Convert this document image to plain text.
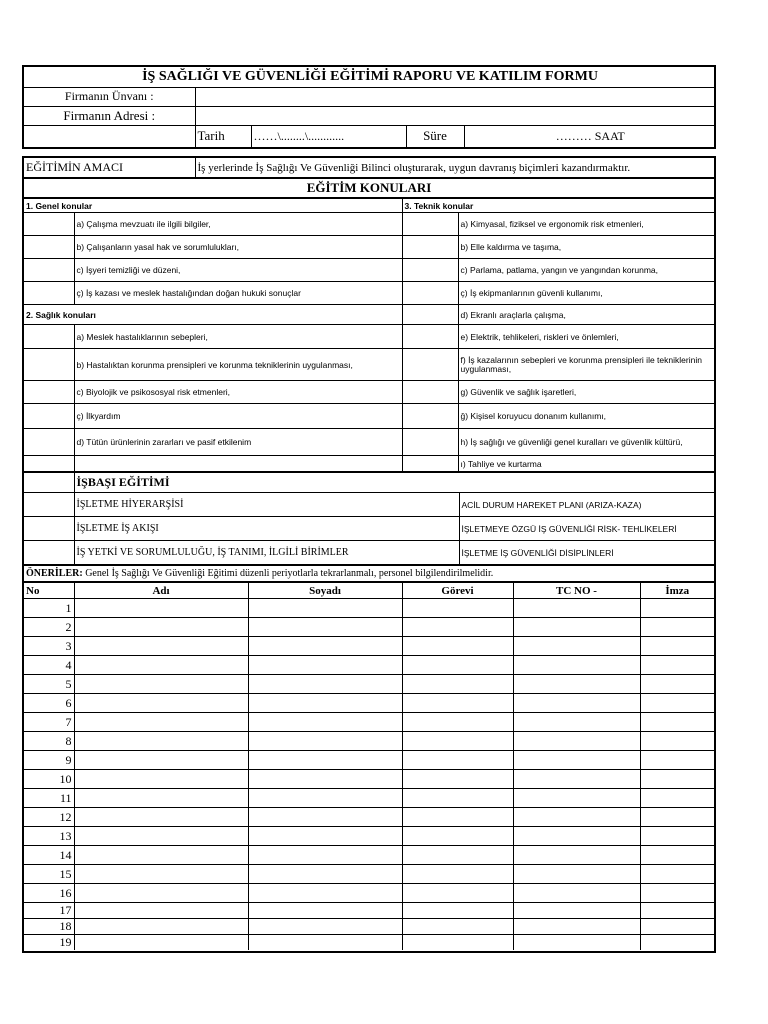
İŞ SAĞLIĞI VE GÜVENLİĞİ EĞİTİMİ RAPORU VE KATILIM FORMU				
Firmanın Ünvanı :				
Firmanın Adresi :				
	Tarih	……\........\............	Süre	……… SAAT
EĞİTİMİN AMACI	İş yerlerinde İş Sağlığı Ve Güvenliği Bilinci oluşturarak, uygun davranış biçimleri kazandırmaktır.
EĞİTİM KONULARI
1. Genel konular		3. Teknik konular	
	a) Çalışma mevzuatı ile ilgili bilgiler,		a) Kimyasal, fiziksel ve ergonomik risk etmenleri,
	b) Çalışanların yasal hak ve sorumlulukları,		b) Elle kaldırma ve taşıma,
	c) İşyeri temizliği ve düzeni,		c) Parlama, patlama, yangın ve yangından korunma,
	ç) İş kazası ve meslek hastalığından doğan hukuki sonuçlar		ç) İş ekipmanlarının güvenli kullanımı,
2. Sağlık konuları			d) Ekranlı araçlarla çalışma,
	a) Meslek hastalıklarının sebepleri,		e) Elektrik, tehlikeleri, riskleri ve önlemleri,
	b) Hastalıktan korunma prensipleri ve korunma tekniklerinin uygulanması,		f) İş kazalarının sebepleri ve korunma prensipleri ile tekniklerinin uygulanması,
	c) Biyolojik ve psikososyal risk etmenleri,		g) Güvenlik ve sağlık işaretleri,
	ç) İlkyardım		ğ) Kişisel koruyucu donanım kullanımı,
	d) Tütün ürünlerinin zararları ve pasif etkilenim		h) İş sağlığı ve güvenliği genel kuralları ve güvenlik kültürü,
			ı) Tahliye ve kurtarma
	İŞBAŞI EĞİTİMİ	
	İŞLETME HİYERARŞİSİ	ACİL DURUM HAREKET PLANI (ARIZA-KAZA)
	İŞLETME İŞ AKIŞI	İŞLETMEYE ÖZGÜ İŞ GÜVENLİĞİ RİSK- TEHLİKELERİ
	İŞ YETKİ VE SORUMLULUĞU, İŞ TANIMI, İLGİLİ BİRİMLER	İŞLETME İŞ GÜVENLİĞİ DİSİPLİNLERİ
ÖNERİLER: Genel İş Sağlığı Ve Güvenliği Eğitimi düzenli periyotlarla tekrarlanmalı, personel bilgilendirilmelidir.
No	Adı	Soyadı	Görevi	TC NO -	İmza
1					
2					
3					
4					
5					
6					
7					
8					
9					
10					
11					
12					
13					
14					
15					
16					
17					
18					
19					
